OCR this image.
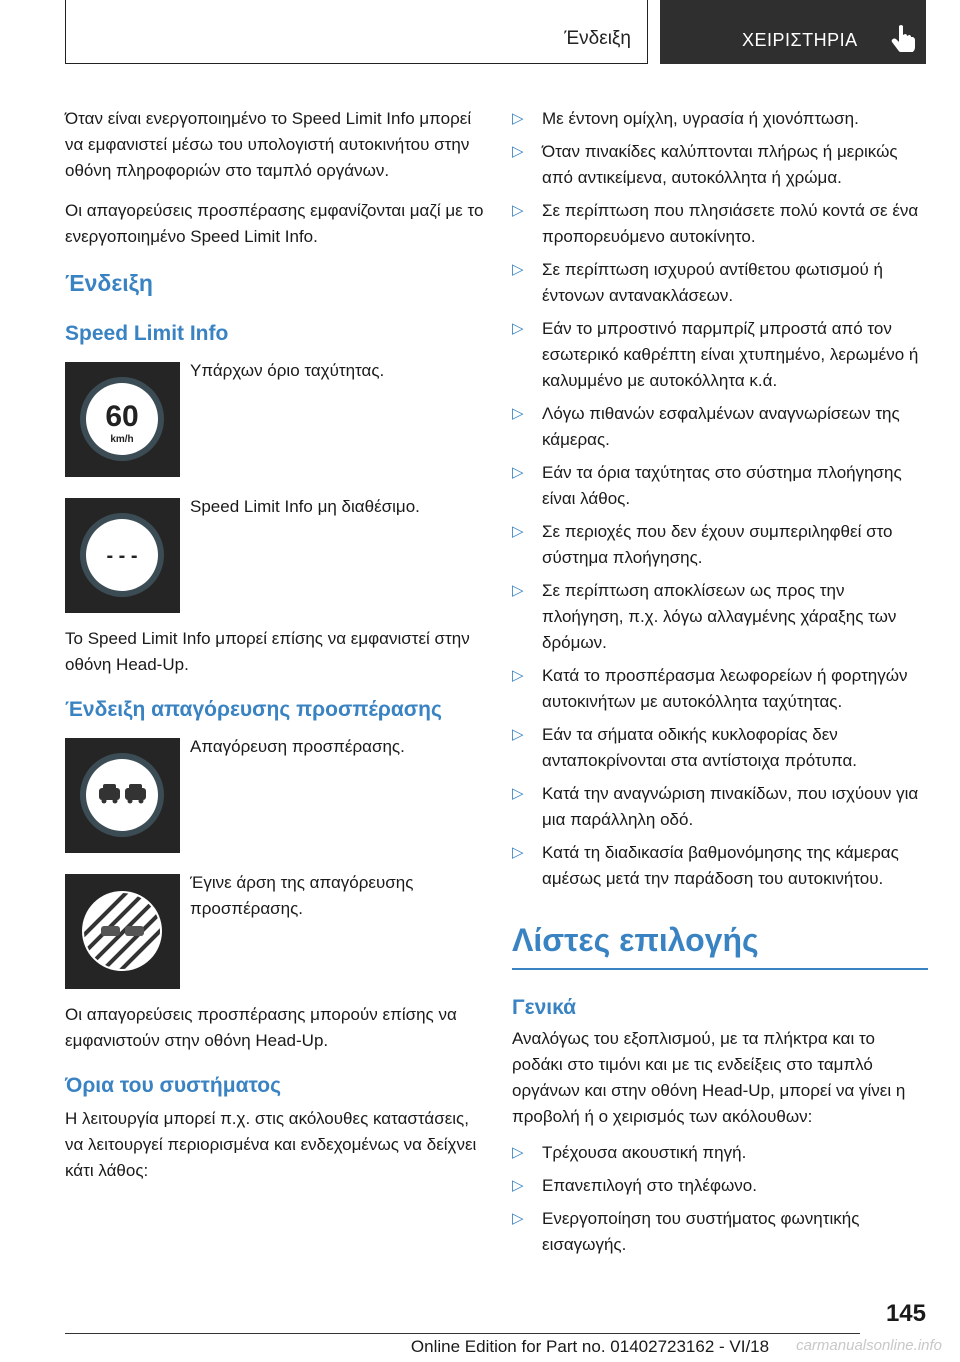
Ένδειξη	ΧΕΙΡΙΣΤΗΡΙΑ

Όταν είναι ενεργοποιημένο το Speed Limit Info μπορεί να εμφανιστεί μέσω του υπολογιστή αυτοκινήτου στην οθόνη πληροφοριών στο ταμπλό οργάνων.

Οι απαγορεύσεις προσπέρασης εμφανίζονται μαζί με το ενεργοποιημένο Speed Limit Info.

Ένδειξη
Speed Limit Info
60
km/h
Υπάρχων όριο ταχύτητας.
- - -
Speed Limit Info μη διαθέσιμο.

Το Speed Limit Info μπορεί επίσης να εμφανιστεί στην οθόνη Head-Up.

Ένδειξη απαγόρευσης προσπέρασης
Απαγόρευση προσπέρασης.
Έγινε άρση της απαγόρευσης προσπέρασης.

Οι απαγορεύσεις προσπέρασης μπορούν επίσης να εμφανιστούν στην οθόνη Head-Up.

Όρια του συστήματος

Η λειτουργία μπορεί π.χ. στις ακόλουθες καταστάσεις, να λειτουργεί περιορισμένα και ενδεχομένως να δείχνει κάτι λάθος:

▷ Με έντονη ομίχλη, υγρασία ή χιονόπτωση.
▷ Όταν πινακίδες καλύπτονται πλήρως ή μερικώς από αντικείμενα, αυτοκόλλητα ή χρώμα.
▷ Σε περίπτωση που πλησιάσετε πολύ κοντά σε ένα προπορευόμενο αυτοκίνητο.
▷ Σε περίπτωση ισχυρού αντίθετου φωτισμού ή έντονων αντανακλάσεων.
▷ Εάν το μπροστινό παρμπρίζ μπροστά από τον εσωτερικό καθρέπτη είναι χτυπημένο, λερωμένο ή καλυμμένο με αυτοκόλλητα κ.ά.
▷ Λόγω πιθανών εσφαλμένων αναγνωρίσεων της κάμερας.
▷ Εάν τα όρια ταχύτητας στο σύστημα πλοήγησης είναι λάθος.
▷ Σε περιοχές που δεν έχουν συμπεριληφθεί στο σύστημα πλοήγησης.
▷ Σε περίπτωση αποκλίσεων ως προς την πλοήγηση, π.χ. λόγω αλλαγμένης χάραξης των δρόμων.
▷ Κατά το προσπέρασμα λεωφορείων ή φορτηγών αυτοκινήτων με αυτοκόλλητα ταχύτητας.
▷ Εάν τα σήματα οδικής κυκλοφορίας δεν ανταποκρίνονται στα αντίστοιχα πρότυπα.
▷ Κατά την αναγνώριση πινακίδων, που ισχύουν για μια παράλληλη οδό.
▷ Κατά τη διαδικασία βαθμονόμησης της κάμερας αμέσως μετά την παράδοση του αυτοκινήτου.
Λίστες επιλογής
Γενικά

Αναλόγως του εξοπλισμού, με τα πλήκτρα και το ροδάκι στο τιμόνι και με τις ενδείξεις στο ταμπλό οργάνων και στην οθόνη Head-Up, μπορεί να γίνει η προβολή ή ο χειρισμός των ακόλουθων:

▷ Τρέχουσα ακουστική πηγή.
▷ Επανεπιλογή στο τηλέφωνο.
▷ Ενεργοποίηση του συστήματος φωνητικής εισαγωγής.
145
Online Edition for Part no. 01402723162 - VI/18	carmanualsonline.info
